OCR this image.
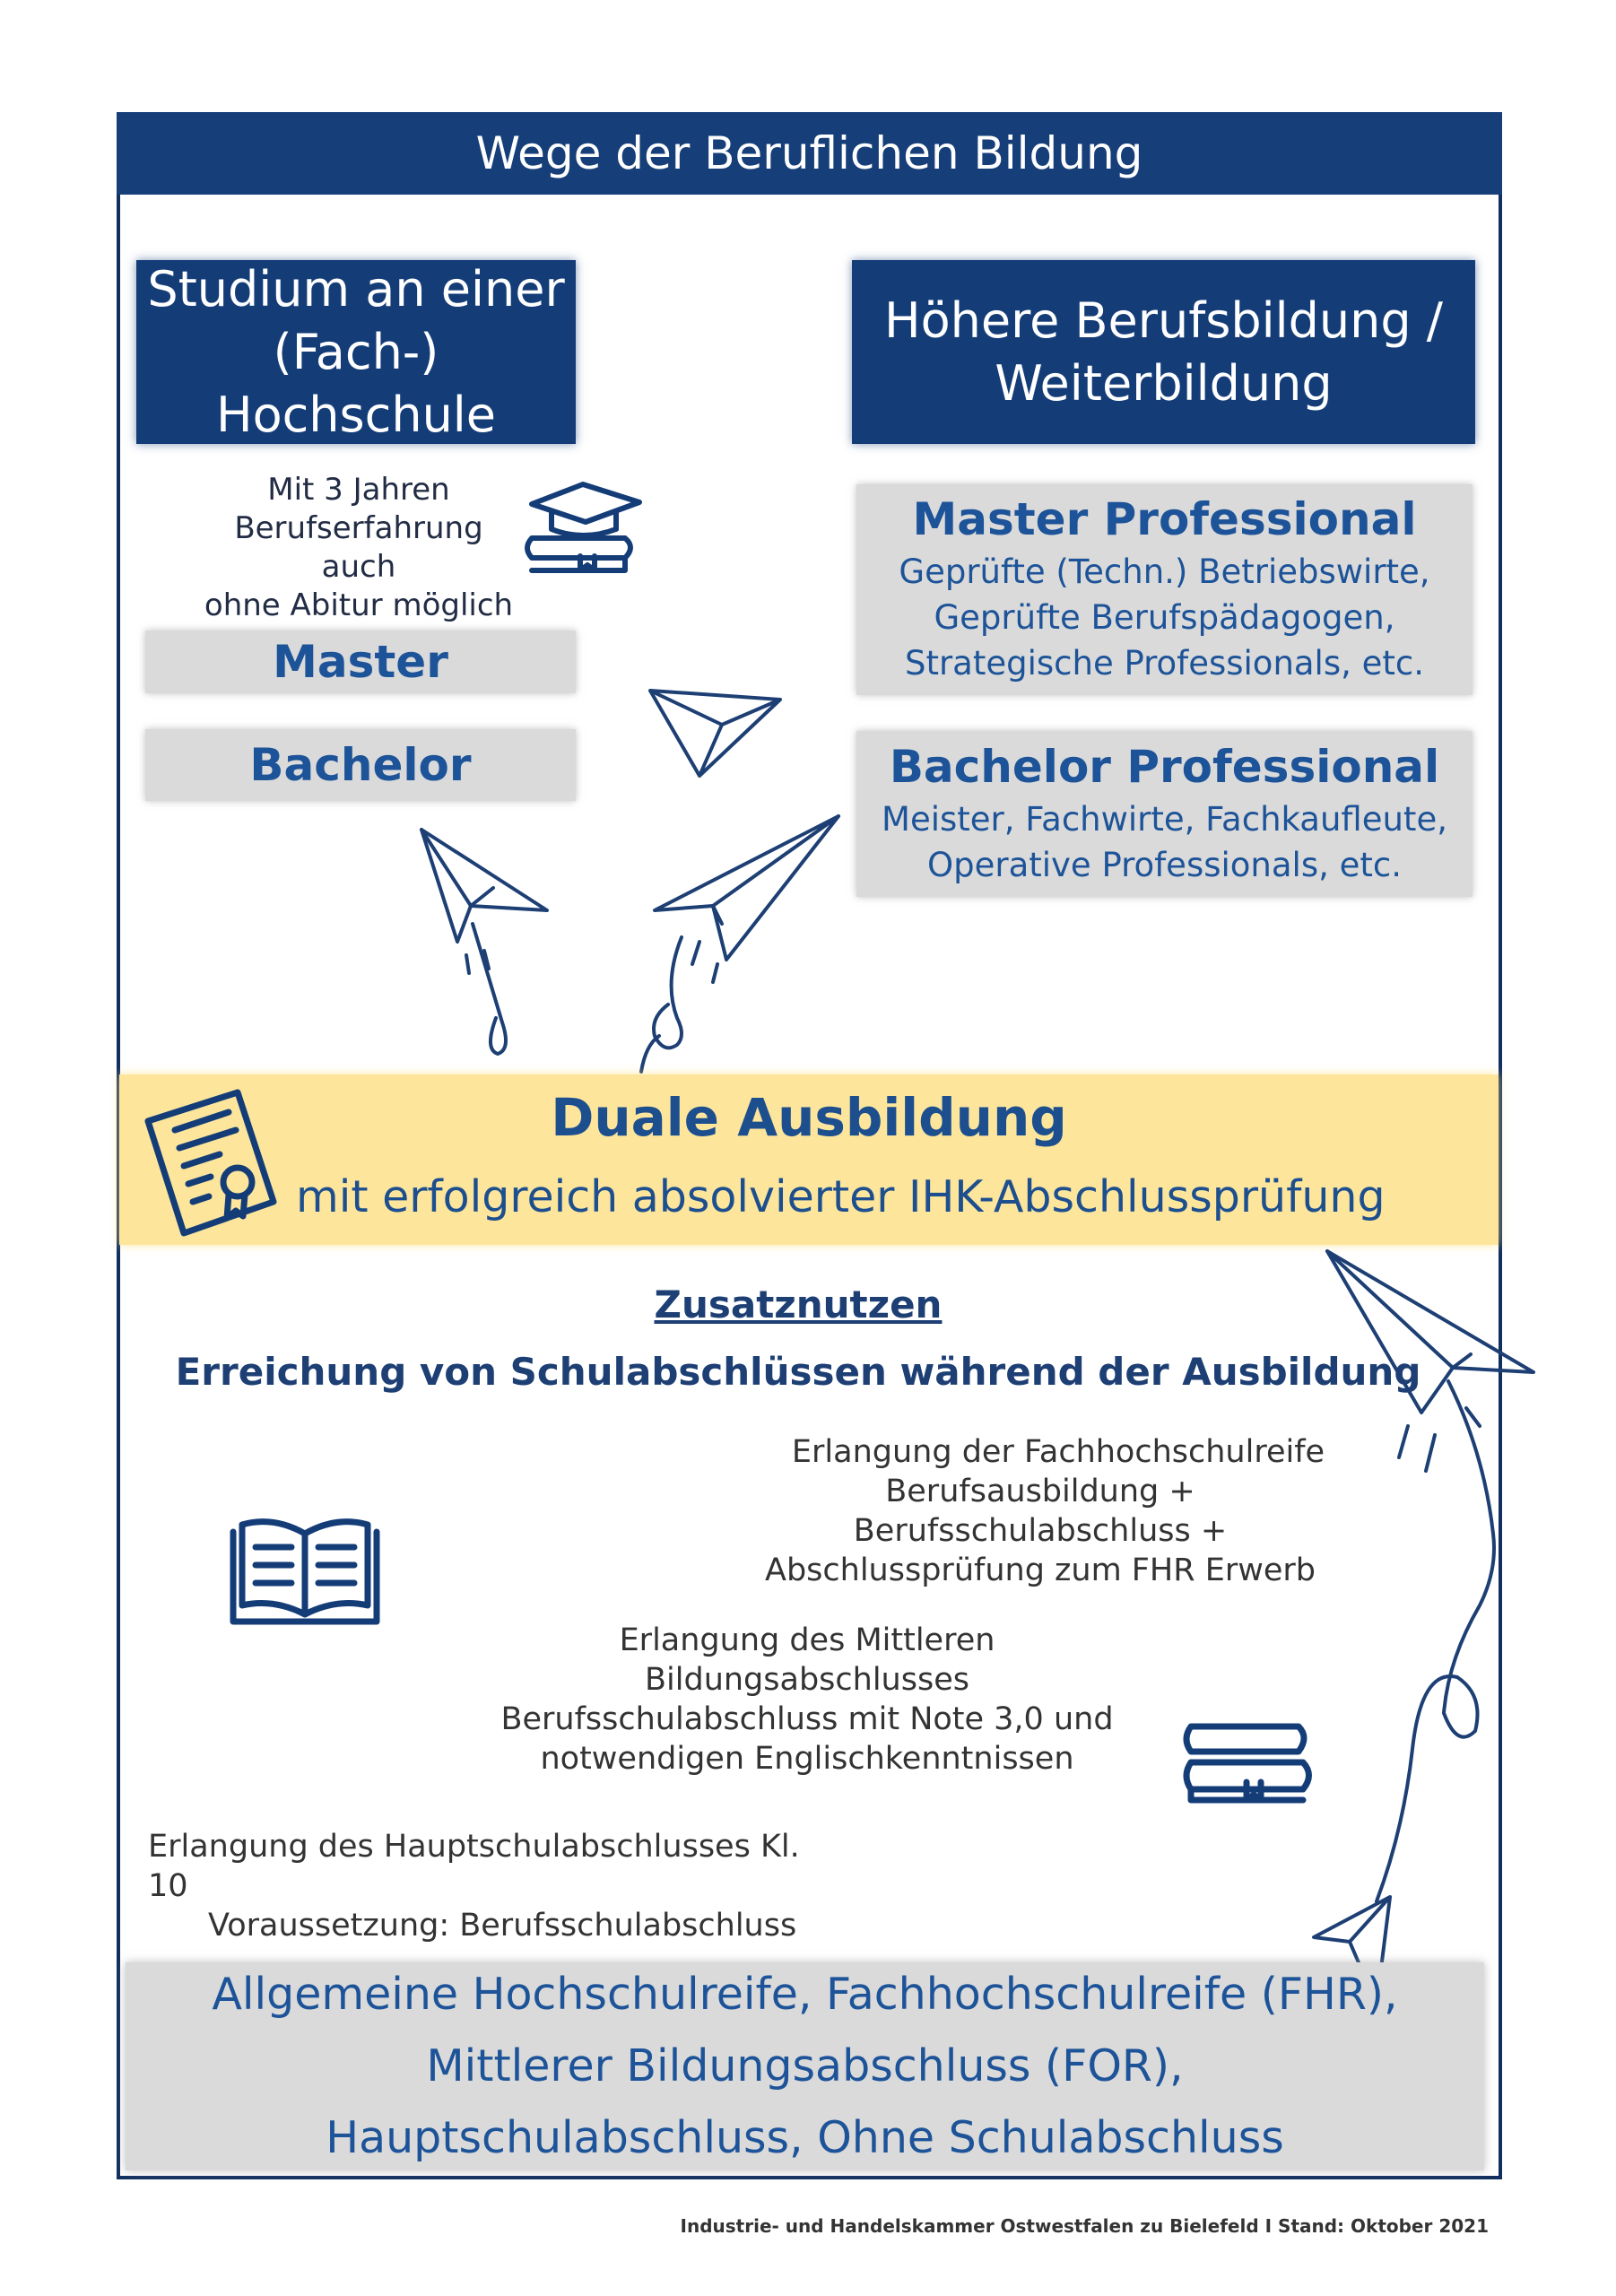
Wege der Beruflichen Bildung
Studium an einer
(Fach-) Hochschule
Mit 3 Jahren
Berufserfahrung auch
ohne Abitur möglich
Master
Bachelor
Höhere Berufsbildung /
Weiterbildung
Master Professional
Geprüfte (Techn.) Betriebswirte,
Geprüfte Berufspädagogen,
Strategische Professionals, etc.
Bachelor Professional
Meister, Fachwirte, Fachkaufleute,
Operative Professionals, etc.
Duale Ausbildung
mit erfolgreich absolvierter IHK-Abschlussprüfung
Zusatznutzen
Erreichung von Schulabschlüssen während der Ausbildung
Erlangung der Fachhochschulreife
Berufsausbildung + Berufsschulabschluss +
Abschlussprüfung zum FHR Erwerb
Erlangung des Mittleren Bildungsabschlusses
Berufsschulabschluss mit Note 3,0 und
notwendigen Englischkenntnissen
Erlangung des Hauptschulabschlusses Kl. 10
Voraussetzung: Berufsschulabschluss
Allgemeine Hochschulreife, Fachhochschulreife (FHR),
Mittlerer Bildungsabschluss (FOR),
Hauptschulabschluss, Ohne Schulabschluss
Industrie- und Handelskammer Ostwestfalen zu Bielefeld I Stand: Oktober 2021
